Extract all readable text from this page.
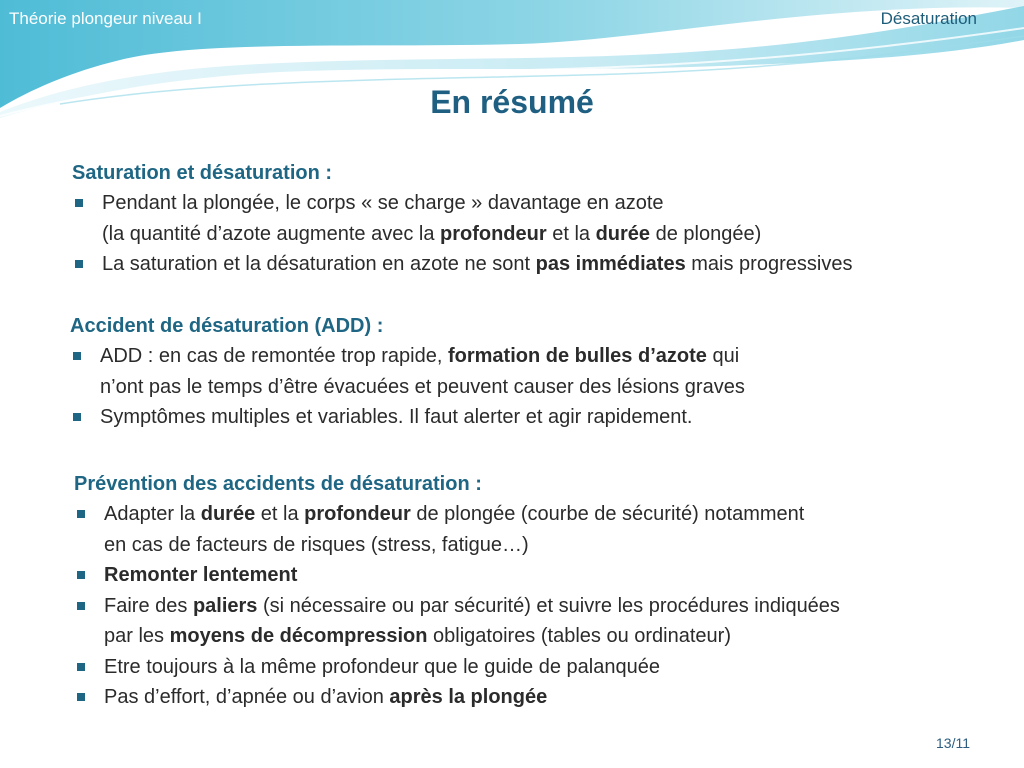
Théorie plongeur niveau I	Désaturation
En résumé
Saturation et désaturation :
Pendant la plongée, le corps « se charge » davantage en azote
(la quantité d’azote augmente avec la profondeur et la durée de plongée)
La saturation et la désaturation en azote ne sont pas immédiates mais progressives
Accident de désaturation (ADD) :
ADD : en cas de remontée trop rapide, formation de bulles d’azote qui
n’ont pas le temps d’être évacuées et peuvent causer des lésions graves
Symptômes multiples et variables. Il faut alerter et agir rapidement.
Prévention des accidents de désaturation :
Adapter la durée et la profondeur de plongée (courbe de sécurité) notamment
en cas de facteurs de risques (stress, fatigue…)
Remonter lentement
Faire des paliers (si nécessaire ou par sécurité) et suivre les procédures indiquées
par les moyens de décompression obligatoires (tables ou ordinateur)
Etre toujours à la même profondeur que le guide de palanquée
Pas d’effort, d’apnée ou d’avion après la plongée
13/11
